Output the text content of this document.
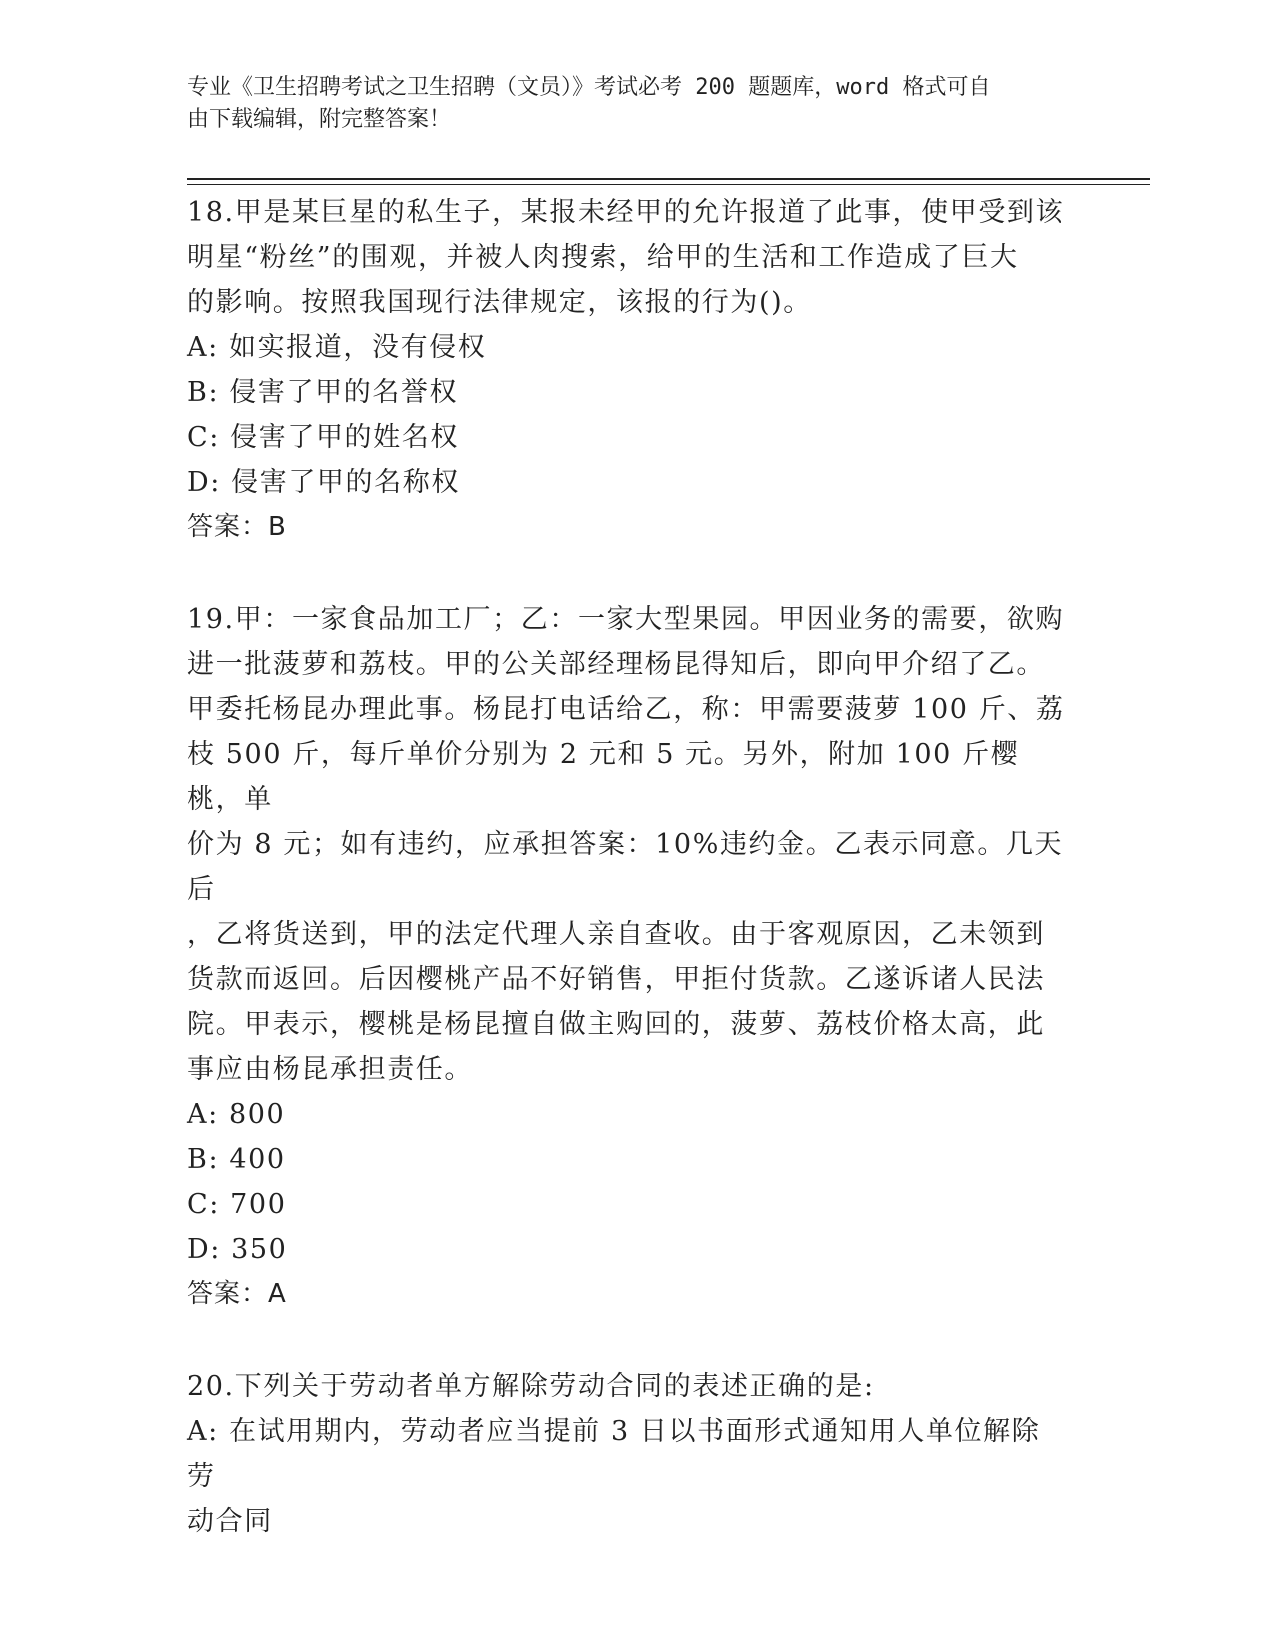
专业《卫生招聘考试之卫生招聘（文员）》考试必考 200 题题库，word 格式可自
由下载编辑，附完整答案！

18.甲是某巨星的私生子，某报未经甲的允许报道了此事，使甲受到该

明星“粉丝”的围观，并被人肉搜索，给甲的生活和工作造成了巨大

的影响。按照我国现行法律规定，该报的行为()。

A: 如实报道，没有侵权

B: 侵害了甲的名誉权

C: 侵害了甲的姓名权

D: 侵害了甲的名称权

答案：B

19.甲：一家食品加工厂；乙：一家大型果园。甲因业务的需要，欲购

进一批菠萝和荔枝。甲的公关部经理杨昆得知后，即向甲介绍了乙。

甲委托杨昆办理此事。杨昆打电话给乙，称：甲需要菠萝 100 斤、荔

枝 500 斤，每斤单价分别为 2 元和 5 元。另外，附加 100 斤樱桃，单

价为 8 元；如有违约，应承担答案：10%违约金。乙表示同意。几天后

，乙将货送到，甲的法定代理人亲自查收。由于客观原因，乙未领到

货款而返回。后因樱桃产品不好销售，甲拒付货款。乙遂诉诸人民法

院。甲表示，樱桃是杨昆擅自做主购回的，菠萝、荔枝价格太高，此

事应由杨昆承担责任。

A: 800

B: 400

C: 700

D: 350

答案：A

20.下列关于劳动者单方解除劳动合同的表述正确的是:

A: 在试用期内，劳动者应当提前 3 日以书面形式通知用人单位解除劳

动合同
